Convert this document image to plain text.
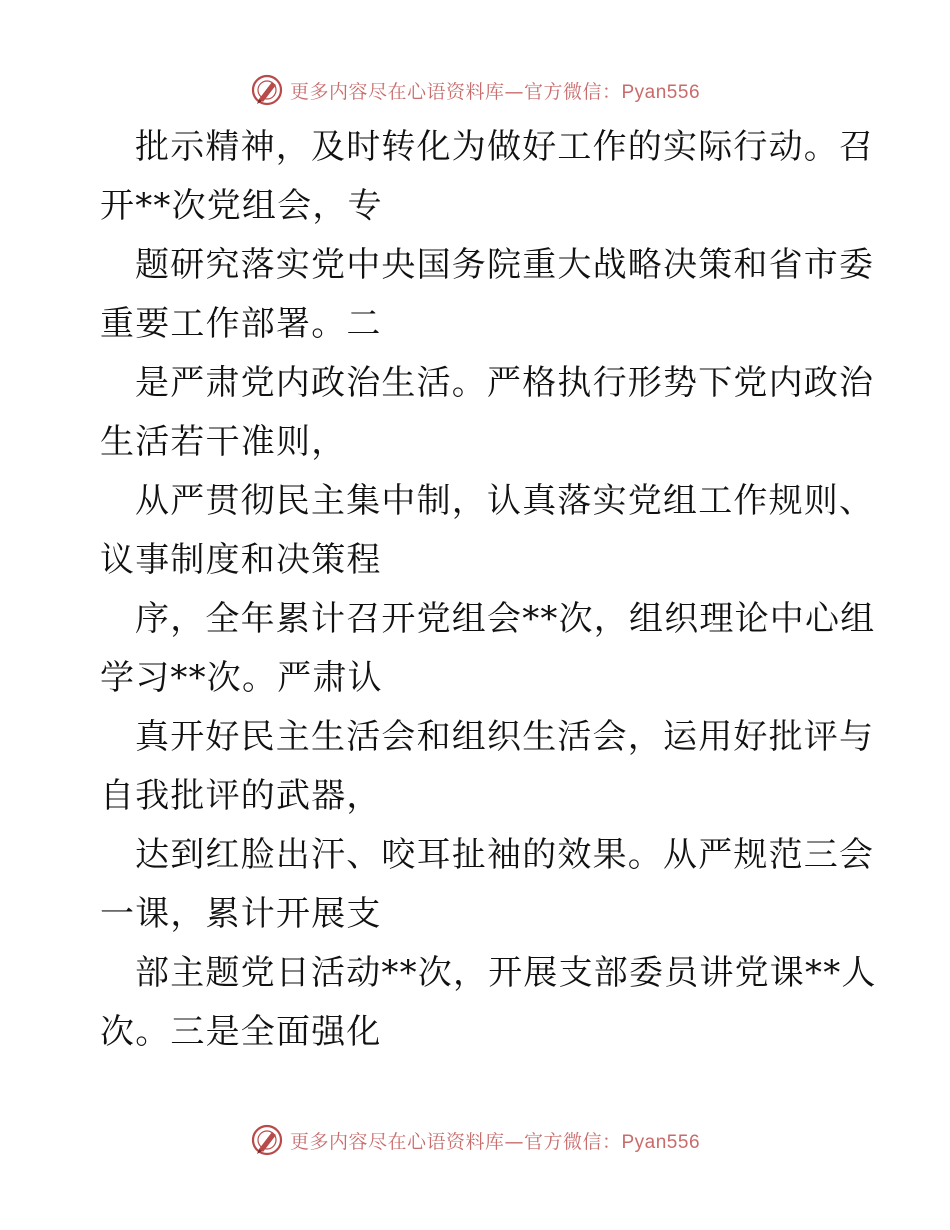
更多内容尽在心语资料库—官方微信：Pyan556
批示精神，及时转化为做好工作的实际行动。召
开**次党组会，专
题研究落实党中央国务院重大战略决策和省市委
重要工作部署。二
是严肃党内政治生活。严格执行形势下党内政治
生活若干准则，
从严贯彻民主集中制，认真落实党组工作规则、
议事制度和决策程
序，全年累计召开党组会**次，组织理论中心组
学习**次。严肃认
真开好民主生活会和组织生活会，运用好批评与
自我批评的武器，
达到红脸出汗、咬耳扯袖的效果。从严规范三会
一课，累计开展支
部主题党日活动**次，开展支部委员讲党课**人
次。三是全面强化
更多内容尽在心语资料库—官方微信：Pyan556
